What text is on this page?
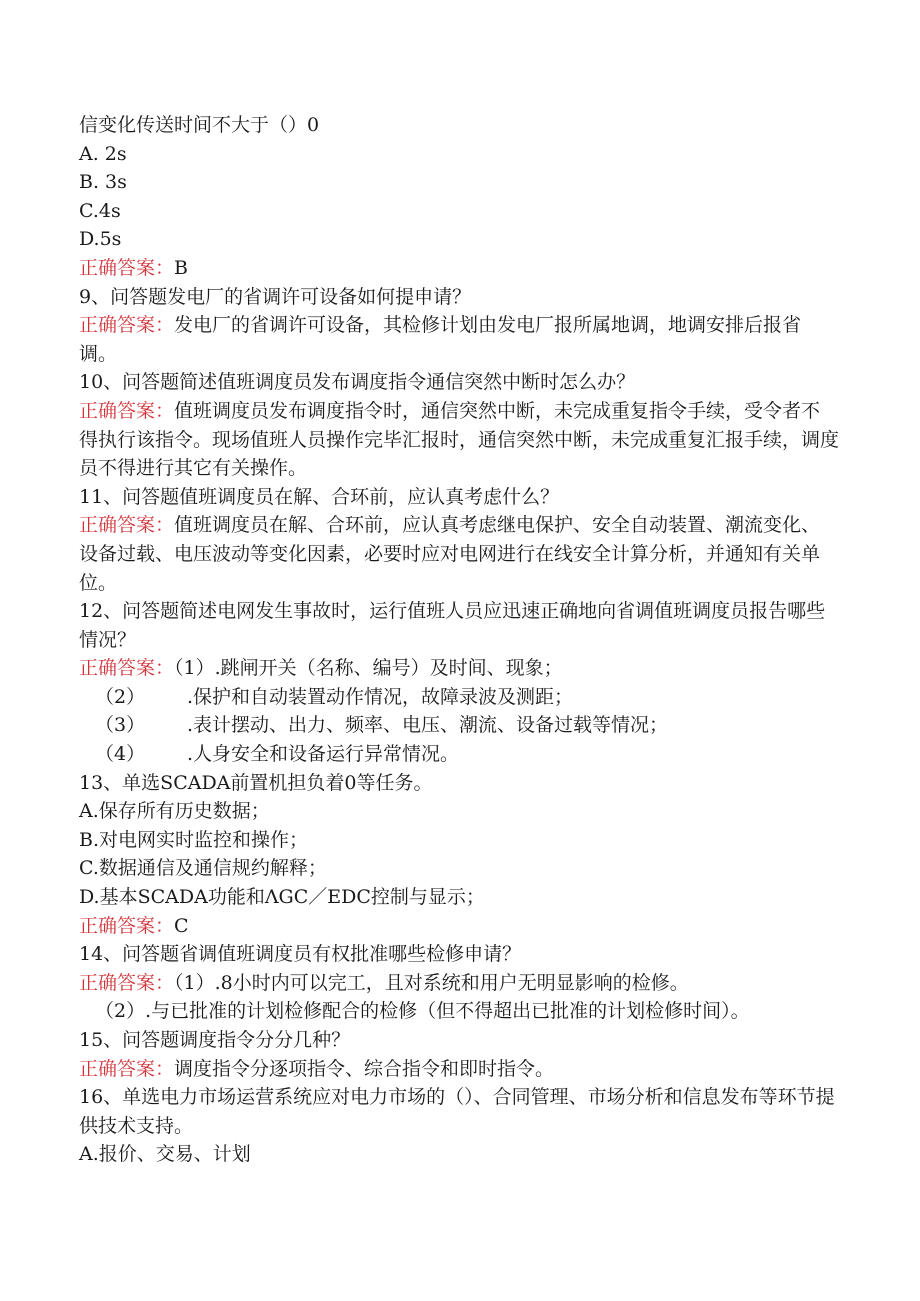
信变化传送时间不大于（）0
A. 2s
B. 3s
C.4s
D.5s
正确答案：B
9、问答题发电厂的省调许可设备如何提申请？
正确答案：发电厂的省调许可设备，其检修计划由发电厂报所属地调，地调安排后报省调。
10、问答题简述值班调度员发布调度指令通信突然中断时怎么办？
正确答案：值班调度员发布调度指令时，通信突然中断，未完成重复指令手续，受令者不得执行该指令。现场值班人员操作完毕汇报时，通信突然中断，未完成重复汇报手续，调度员不得进行其它有关操作。
11、问答题值班调度员在解、合环前，应认真考虑什么？
正确答案：值班调度员在解、合环前，应认真考虑继电保护、安全自动装置、潮流变化、设备过载、电压波动等变化因素，必要时应对电网进行在线安全计算分析，并通知有关单位。
12、问答题简述电网发生事故时，运行值班人员应迅速正确地向省调值班调度员报告哪些情况？
正确答案：（1）.跳闸开关（名称、编号）及时间、现象；
（2） .保护和自动装置动作情况，故障录波及测距；
（3） .表计摆动、出力、频率、电压、潮流、设备过载等情况；
（4） .人身安全和设备运行异常情况。
13、单选SCADA前置机担负着0等任务。
A.保存所有历史数据；
B.对电网实时监控和操作；
C.数据通信及通信规约解释；
D.基本SCADA功能和ΛGC／EDC控制与显示；
正确答案：C
14、问答题省调值班调度员有权批准哪些检修申请？
正确答案：（1）.8小时内可以完工，且对系统和用户无明显影响的检修。
（2）.与已批准的计划检修配合的检修（但不得超出已批准的计划检修时间）。
15、问答题调度指令分分几种？
正确答案：调度指令分逐项指令、综合指令和即时指令。
16、单选电力市场运营系统应对电力市场的（）、合同管理、市场分析和信息发布等环节提供技术支持。
A.报价、交易、计划
